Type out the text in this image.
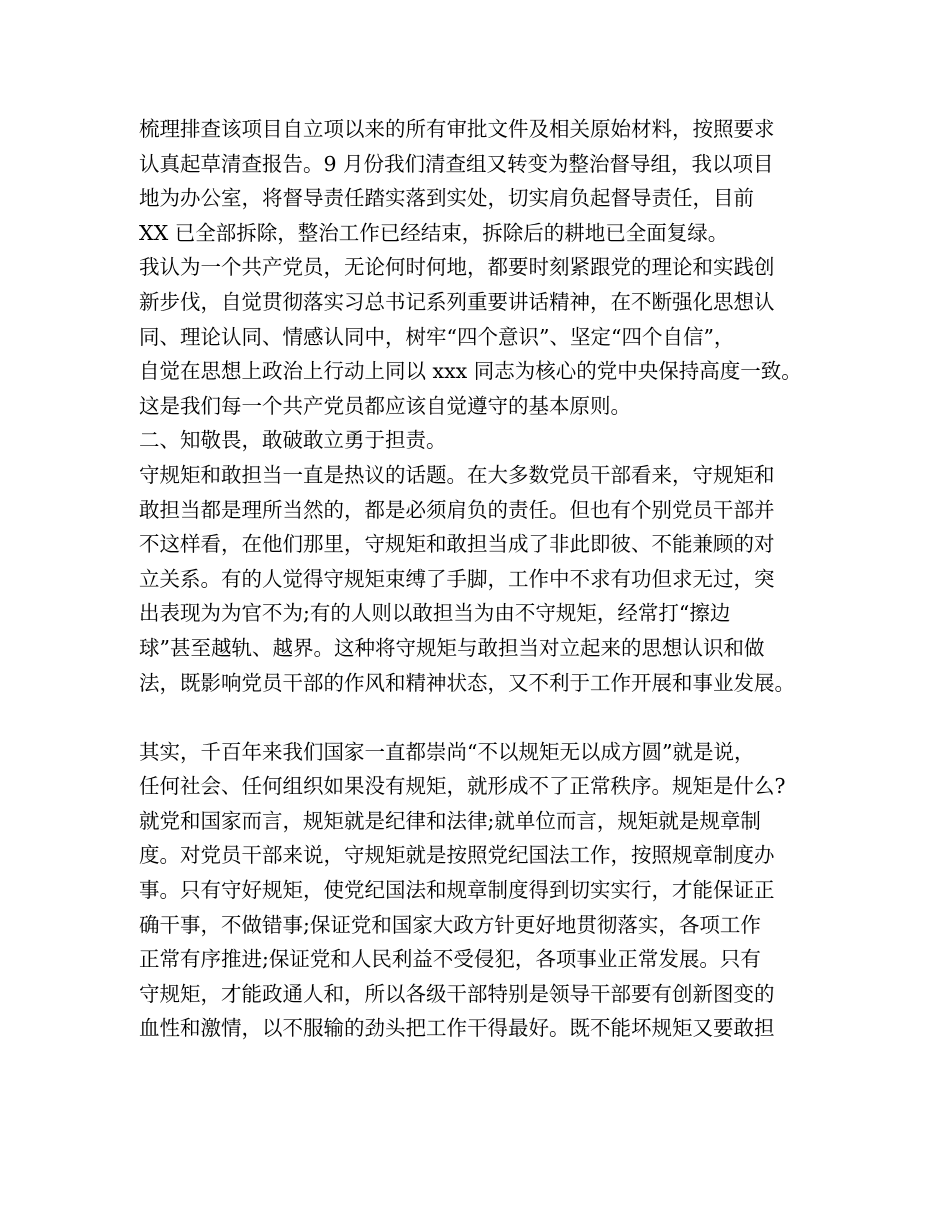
梳理排查该项目自立项以来的所有审批文件及相关原始材料，按照要求
认真起草清查报告。9 月份我们清查组又转变为整治督导组，我以项目
地为办公室，将督导责任踏实落到实处，切实肩负起督导责任，目前
XX 已全部拆除，整治工作已经结束，拆除后的耕地已全面复绿。
我认为一个共产党员，无论何时何地，都要时刻紧跟党的理论和实践创
新步伐，自觉贯彻落实习总书记系列重要讲话精神，在不断强化思想认
同、理论认同、情感认同中，树牢“四个意识”、坚定“四个自信”，
自觉在思想上政治上行动上同以 xxx 同志为核心的党中央保持高度一致。
这是我们每一个共产党员都应该自觉遵守的基本原则。
二、知敬畏，敢破敢立勇于担责。
守规矩和敢担当一直是热议的话题。在大多数党员干部看来，守规矩和
敢担当都是理所当然的，都是必须肩负的责任。但也有个别党员干部并
不这样看，在他们那里，守规矩和敢担当成了非此即彼、不能兼顾的对
立关系。有的人觉得守规矩束缚了手脚，工作中不求有功但求无过，突
出表现为为官不为;有的人则以敢担当为由不守规矩，经常打“擦边
球”甚至越轨、越界。这种将守规矩与敢担当对立起来的思想认识和做
法，既影响党员干部的作风和精神状态，又不利于工作开展和事业发展。
其实，千百年来我们国家一直都崇尚“不以规矩无以成方圆”就是说，
任何社会、任何组织如果没有规矩，就形成不了正常秩序。规矩是什么?
就党和国家而言，规矩就是纪律和法律;就单位而言，规矩就是规章制
度。对党员干部来说，守规矩就是按照党纪国法工作，按照规章制度办
事。只有守好规矩，使党纪国法和规章制度得到切实实行，才能保证正
确干事，不做错事;保证党和国家大政方针更好地贯彻落实，各项工作
正常有序推进;保证党和人民利益不受侵犯，各项事业正常发展。只有
守规矩，才能政通人和，所以各级干部特别是领导干部要有创新图变的
血性和激情，以不服输的劲头把工作干得最好。既不能坏规矩又要敢担
